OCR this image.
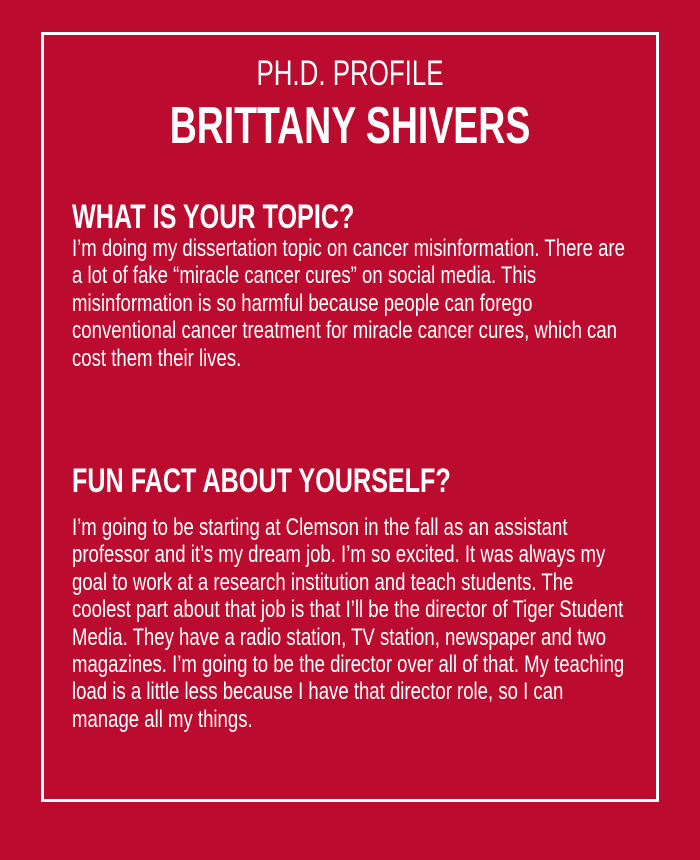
PH.D. PROFILE
BRITTANY SHIVERS
WHAT IS YOUR TOPIC?
I’m doing my dissertation topic on cancer misinformation. There are a lot of fake “miracle cancer cures” on social media. This misinformation is so harmful because people can forego conventional cancer treatment for miracle cancer cures, which can cost them their lives.
FUN FACT ABOUT YOURSELF?
I’m going to be starting at Clemson in the fall as an assistant professor and it’s my dream job. I’m so excited. It was always my goal to work at a research institution and teach students. The coolest part about that job is that I’ll be the director of Tiger Student Media. They have a radio station, TV station, newspaper and two magazines. I’m going to be the director over all of that. My teaching load is a little less because I have that director role, so I can manage all my things.
